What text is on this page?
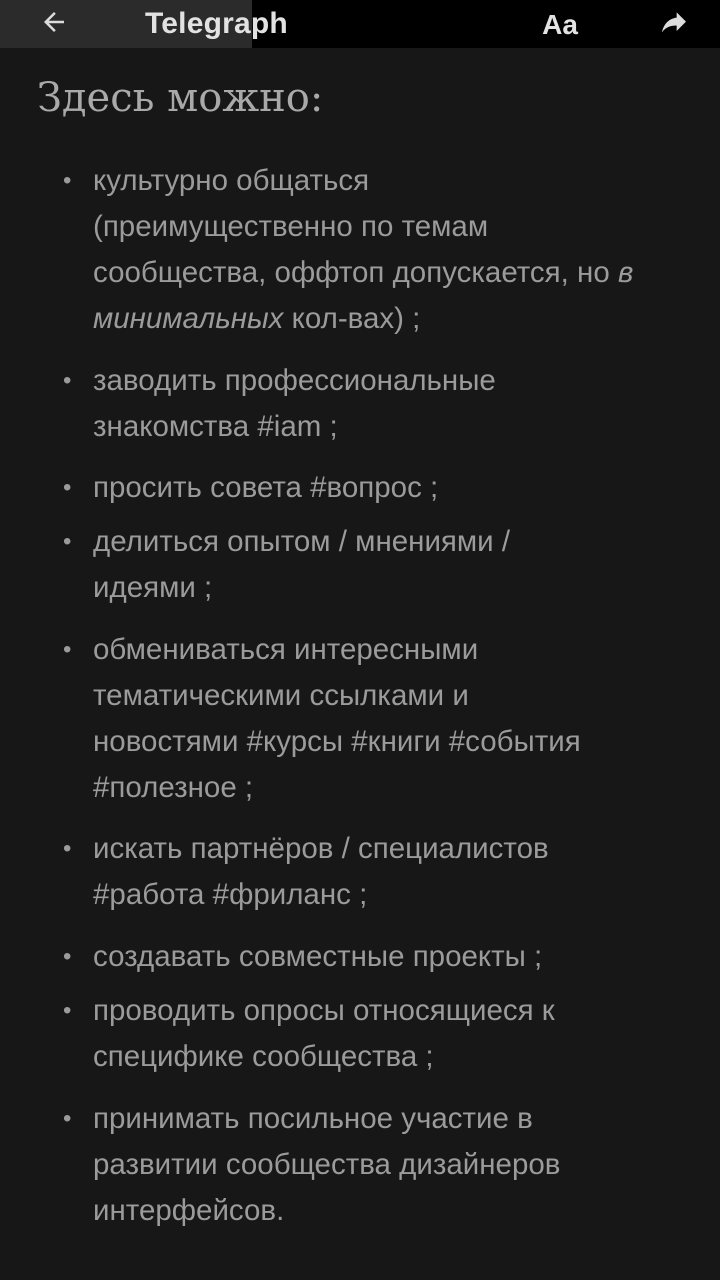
Telegraph	Aa
Здесь можно:
• культурно общаться
(преимущественно по темам
сообщества, оффтоп допускается, но в
минимальных кол-вах) ;
• заводить профессиональные
знакомства #iam ;
• просить совета #вопрос ;
• делиться опытом / мнениями /
идеями ;
• обмениваться интересными
тематическими ссылками и
новостями #курсы #книги #события
#полезное ;
• искать партнёров / специалистов
#работа #фриланс ;
• создавать совместные проекты ;
• проводить опросы относящиеся к
специфике сообщества ;
• принимать посильное участие в
развитии сообщества дизайнеров
интерфейсов.
